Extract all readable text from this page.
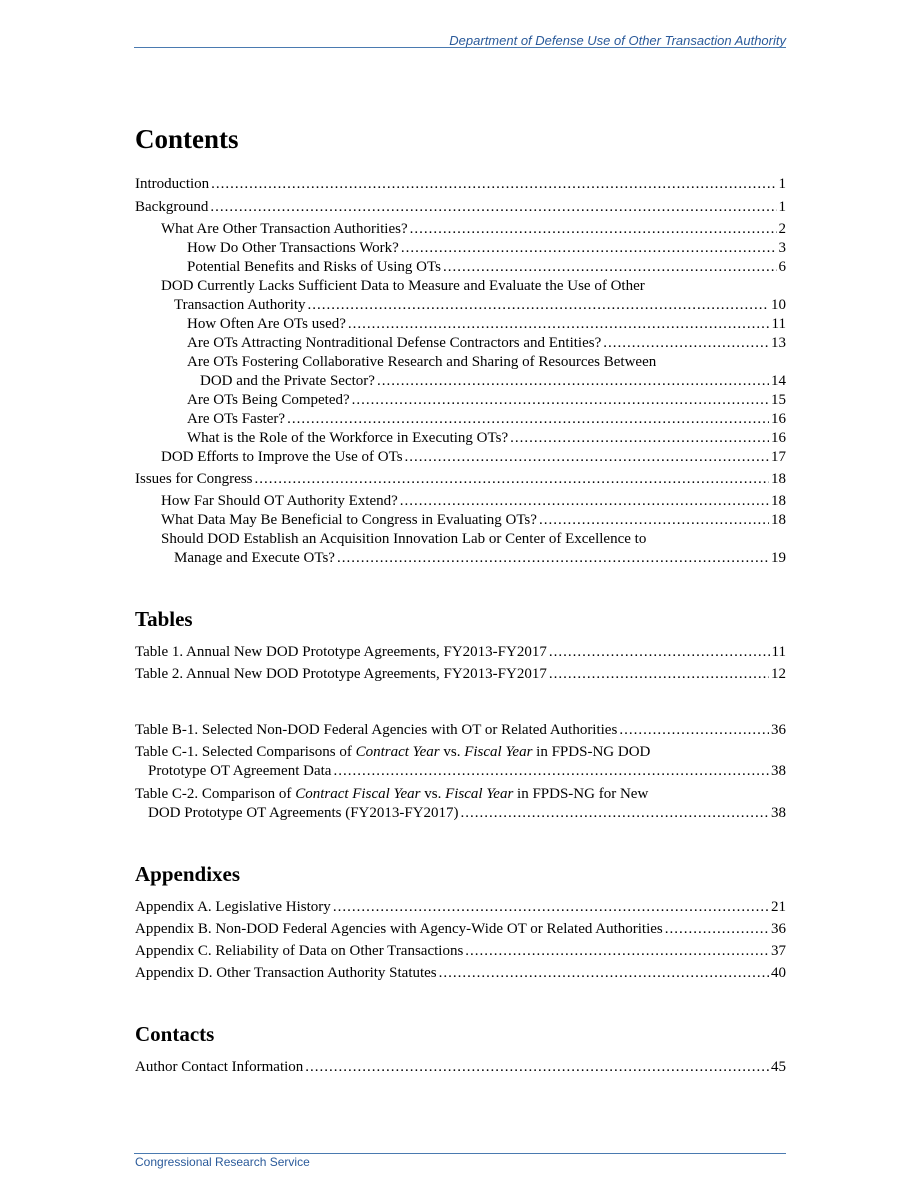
Department of Defense Use of Other Transaction Authority
Contents
Introduction .....	1
Background .....	1
What Are Other Transaction Authorities? .....	2
How Do Other Transactions Work? .....	3
Potential Benefits and Risks of Using OTs .....	6
DOD Currently Lacks Sufficient Data to Measure and Evaluate the Use of Other
Transaction Authority .....	10
How Often Are OTs used? .....	11
Are OTs Attracting Nontraditional Defense Contractors and Entities? .....	13
Are OTs Fostering Collaborative Research and Sharing of Resources Between
DOD and the Private Sector? .....	14
Are OTs Being Competed? .....	15
Are OTs Faster? .....	16
What is the Role of the Workforce in Executing OTs? .....	16
DOD Efforts to Improve the Use of OTs .....	17
Issues for Congress .....	18
How Far Should OT Authority Extend? .....	18
What Data May Be Beneficial to Congress in Evaluating OTs? .....	18
Should DOD Establish an Acquisition Innovation Lab or Center of Excellence to
Manage and Execute OTs? .....	19
Tables
Table 1. Annual New DOD Prototype Agreements, FY2013-FY2017 .....	11
Table 2. Annual New DOD Prototype Agreements, FY2013-FY2017 .....	12
Table B-1. Selected Non-DOD Federal Agencies with OT or Related Authorities .....	36
Table C-1. Selected Comparisons of Contract Year vs. Fiscal Year in FPDS-NG DOD
Prototype OT Agreement Data .....	38
Table C-2. Comparison of Contract Fiscal Year vs. Fiscal Year in FPDS-NG for New
DOD Prototype OT Agreements (FY2013-FY2017) .....	38
Appendixes
Appendix A. Legislative History .....	21
Appendix B. Non-DOD Federal Agencies with Agency-Wide OT or Related Authorities .....	36
Appendix C. Reliability of Data on Other Transactions .....	37
Appendix D. Other Transaction Authority Statutes .....	40
Contacts
Author Contact Information .....	45
Congressional Research Service
